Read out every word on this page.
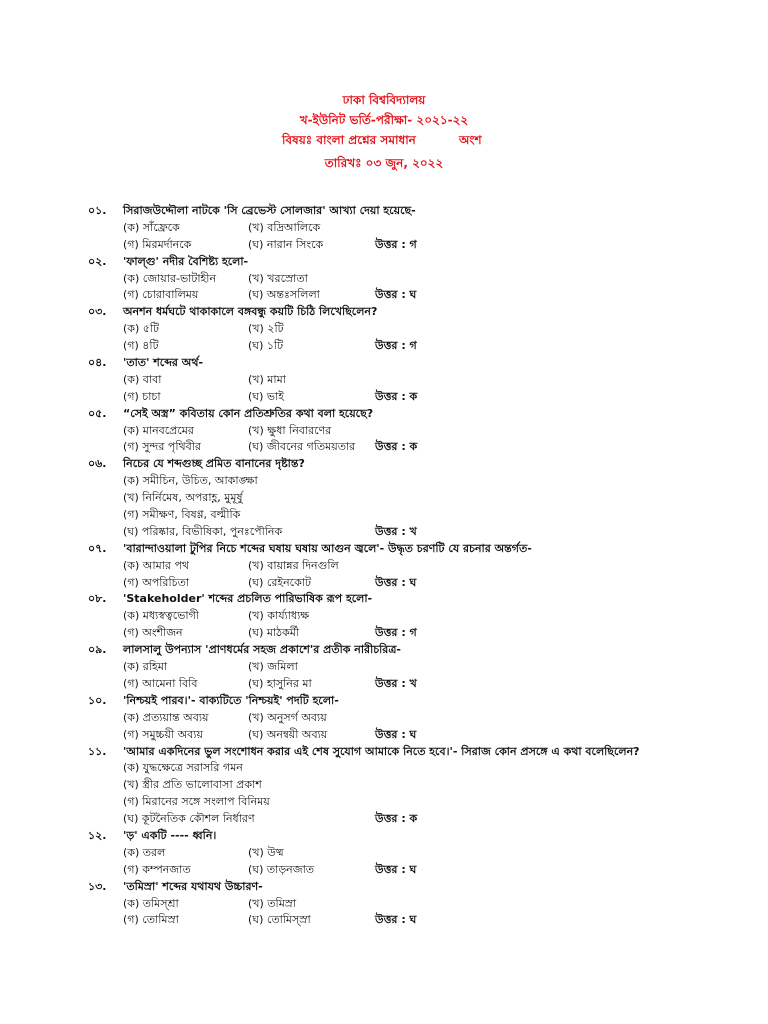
ঢাকা বিশ্ববিদ্যালয়
খ-ইউনিট ভর্তি-পরীক্ষা- ২০২১-২২
বিষয়ঃ বাংলা প্রশ্নের সমাধান	অংশ
তারিখঃ ০৩ জুন, ২০২২
০১. সিরাজউদ্দৌলা নাটকে 'সি ব্রেভেস্ট সোলজার' আখ্যা দেয়া হয়েছে-
(ক) সাঁফ্রেকে	(খ) বদ্রিআলিকে
(গ) মিরমর্দানকে	(ঘ) নারান সিংকে	উত্তর : গ
০২. 'ফাল্গু' নদীর বৈশিষ্ট্য হলো-
(ক) জোয়ার-ভাটাহীন	(খ) খরস্রোতা
(গ) চোরাবালিময়	(ঘ) অন্তঃসলিলা	উত্তর : ঘ
০৩. অনশন ধর্মঘটে থাকাকালে বঙ্গবন্ধু কয়টি চিঠি লিখেছিলেন?
(ক) ৫টি	(খ) ২টি
(গ) ৪টি	(ঘ) ১টি	উত্তর : গ
০৪. 'তাত' শব্দের অর্থ-
(ক) বাবা	(খ) মামা
(গ) চাচা	(ঘ) ভাই	উত্তর : ক
০৫. “সেই অস্ত্র” কবিতায় কোন প্রতিশ্রুতির কথা বলা হয়েছে?
(ক) মানবপ্রেমের	(খ) ক্ষুধা নিবারণের
(গ) সুন্দর পৃথিবীর	(ঘ) জীবনের গতিময়তার উত্তর : ক
০৬. নিচের যে শব্দগুচ্ছ প্রমিত বানানের দৃষ্টান্ত?
(ক) সমীচিন, উচিত, আকাঙ্ক্ষা
(খ) নির্নিমেষ, অপরাহ্ণ, মুমূর্ষু
(গ) সমীক্ষণ, বিষণ্ণ, বল্মীকি
(ঘ) পরিষ্কার, বিভীষিকা, পুনঃপৌনিক	উত্তর : খ
০৭. 'বারান্দাওয়ালা টুপির নিচে শব্দের ঘষায় ঘষায় আগুন জ্বলে'- উদ্ধৃত চরণটি যে রচনার অন্তর্গত-
(ক) আমার পথ	(খ) বায়ান্নর দিনগুলি
(গ) অপরিচিতা	(ঘ) রেইনকোট	উত্তর : ঘ
০৮. 'Stakeholder' শব্দের প্রচলিত পারিভাষিক রূপ হলো-
(ক) মধ্যস্বত্বভোগী	(খ) কার্য্যাধ্যক্ষ
(গ) অংশীজন	(ঘ) মাঠকর্মী	উত্তর : গ
০৯. লালসালু উপন্যাস 'প্রাণধর্মের সহজ প্রকাশে'র প্রতীক নারীচরিত্র-
(ক) রহিমা	(খ) জমিলা
(গ) আমেনা বিবি	(ঘ) হাসুনির মা	উত্তর : খ
১০. 'নিশ্চয়ই পারব।'- বাক্যটিতে 'নিশ্চয়ই' পদটি হলো-
(ক) প্রত্যয়ান্ত অব্যয়	(খ) অনুসর্গ অব্যয়
(গ) সমুচ্চয়ী অব্যয়	(ঘ) অনন্বয়ী অব্যয়	উত্তর : ঘ
১১. 'আমার একদিনের ভুল সংশোধন করার এই শেষ সুযোগ আমাকে নিতে হবে।'- সিরাজ কোন প্রসঙ্গে এ কথা বলেছিলেন?
(ক) যুদ্ধক্ষেত্রে সরাসরি গমন
(খ) স্ত্রীর প্রতি ভালোবাসা প্রকাশ
(গ) মিরানের সঙ্গে সংলাপ বিনিময়
(ঘ) কূটনৈতিক কৌশল নির্ধারণ	উত্তর : ক
১২. 'ড়' একটি ---- ধ্বনি।
(ক) তরল	(খ) উষ্ম
(গ) কম্পনজাত	(ঘ) তাড়নজাত	উত্তর : ঘ
১৩. 'তমিস্রা' শব্দের যথাযথ উচ্চারণ-
(ক) তমিস্শ্রা	(খ) তমিস্রা
(গ) তোমিস্রা	(ঘ) তোমিস্স্রা	উত্তর : ঘ
